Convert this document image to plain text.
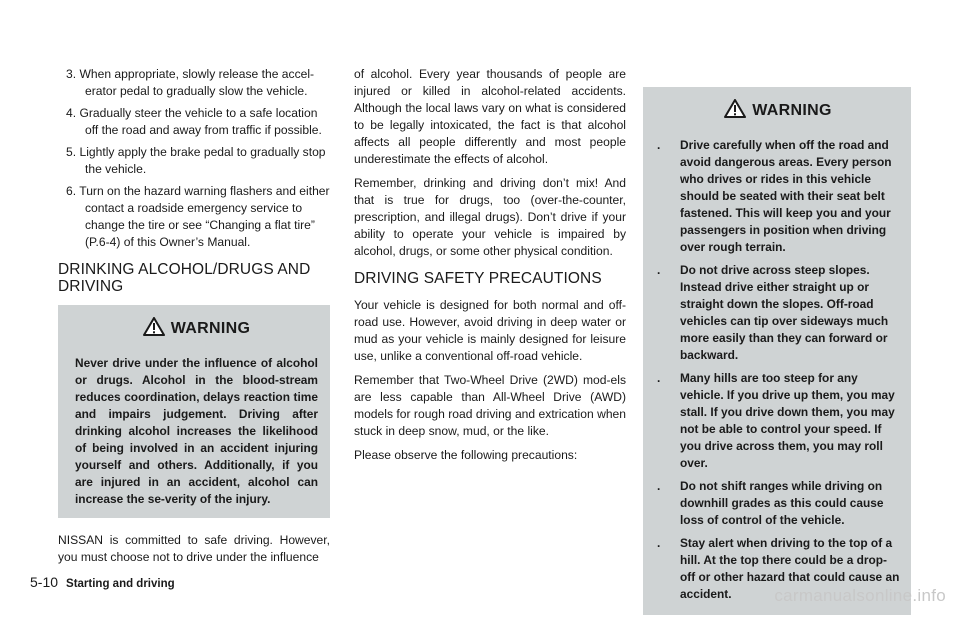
3. When appropriate, slowly release the accel-erator pedal to gradually slow the vehicle.
4. Gradually steer the vehicle to a safe location off the road and away from traffic if possible.
5. Lightly apply the brake pedal to gradually stop the vehicle.
6. Turn on the hazard warning flashers and either contact a roadside emergency service to change the tire or see “Changing a flat tire” (P.6-4) of this Owner’s Manual.
DRINKING ALCOHOL/DRUGS AND DRIVING
WARNING

Never drive under the influence of alcohol or drugs. Alcohol in the blood-stream reduces coordination, delays reaction time and impairs judgement. Driving after drinking alcohol increases the likelihood of being involved in an accident injuring yourself and others. Additionally, if you are injured in an accident, alcohol can increase the se-verity of the injury.

NISSAN is committed to safe driving. However, you must choose not to drive under the influence

of alcohol. Every year thousands of people are injured or killed in alcohol-related accidents. Although the local laws vary on what is considered to be legally intoxicated, the fact is that alcohol affects all people differently and most people underestimate the effects of alcohol.

Remember, drinking and driving don’t mix! And that is true for drugs, too (over-the-counter, prescription, and illegal drugs). Don’t drive if your ability to operate your vehicle is impaired by alcohol, drugs, or some other physical condition.

DRIVING SAFETY PRECAUTIONS

Your vehicle is designed for both normal and off-road use. However, avoid driving in deep water or mud as your vehicle is mainly designed for leisure use, unlike a conventional off-road vehicle.

Remember that Two-Wheel Drive (2WD) mod-els are less capable than All-Wheel Drive (AWD) models for rough road driving and extrication when stuck in deep snow, mud, or the like.

Please observe the following precautions:

WARNING
. Drive carefully when off the road and avoid dangerous areas. Every person who drives or rides in this vehicle should be seated with their seat belt fastened. This will keep you and your passengers in position when driving over rough terrain.
. Do not drive across steep slopes. Instead drive either straight up or straight down the slopes. Off-road vehicles can tip over sideways much more easily than they can forward or backward.
. Many hills are too steep for any vehicle. If you drive up them, you may stall. If you drive down them, you may not be able to control your speed. If you drive across them, you may roll over.
. Do not shift ranges while driving on downhill grades as this could cause loss of control of the vehicle.
. Stay alert when driving to the top of a hill. At the top there could be a drop-off or other hazard that could cause an accident.
5-10 Starting and driving
carmanualsonline.info
